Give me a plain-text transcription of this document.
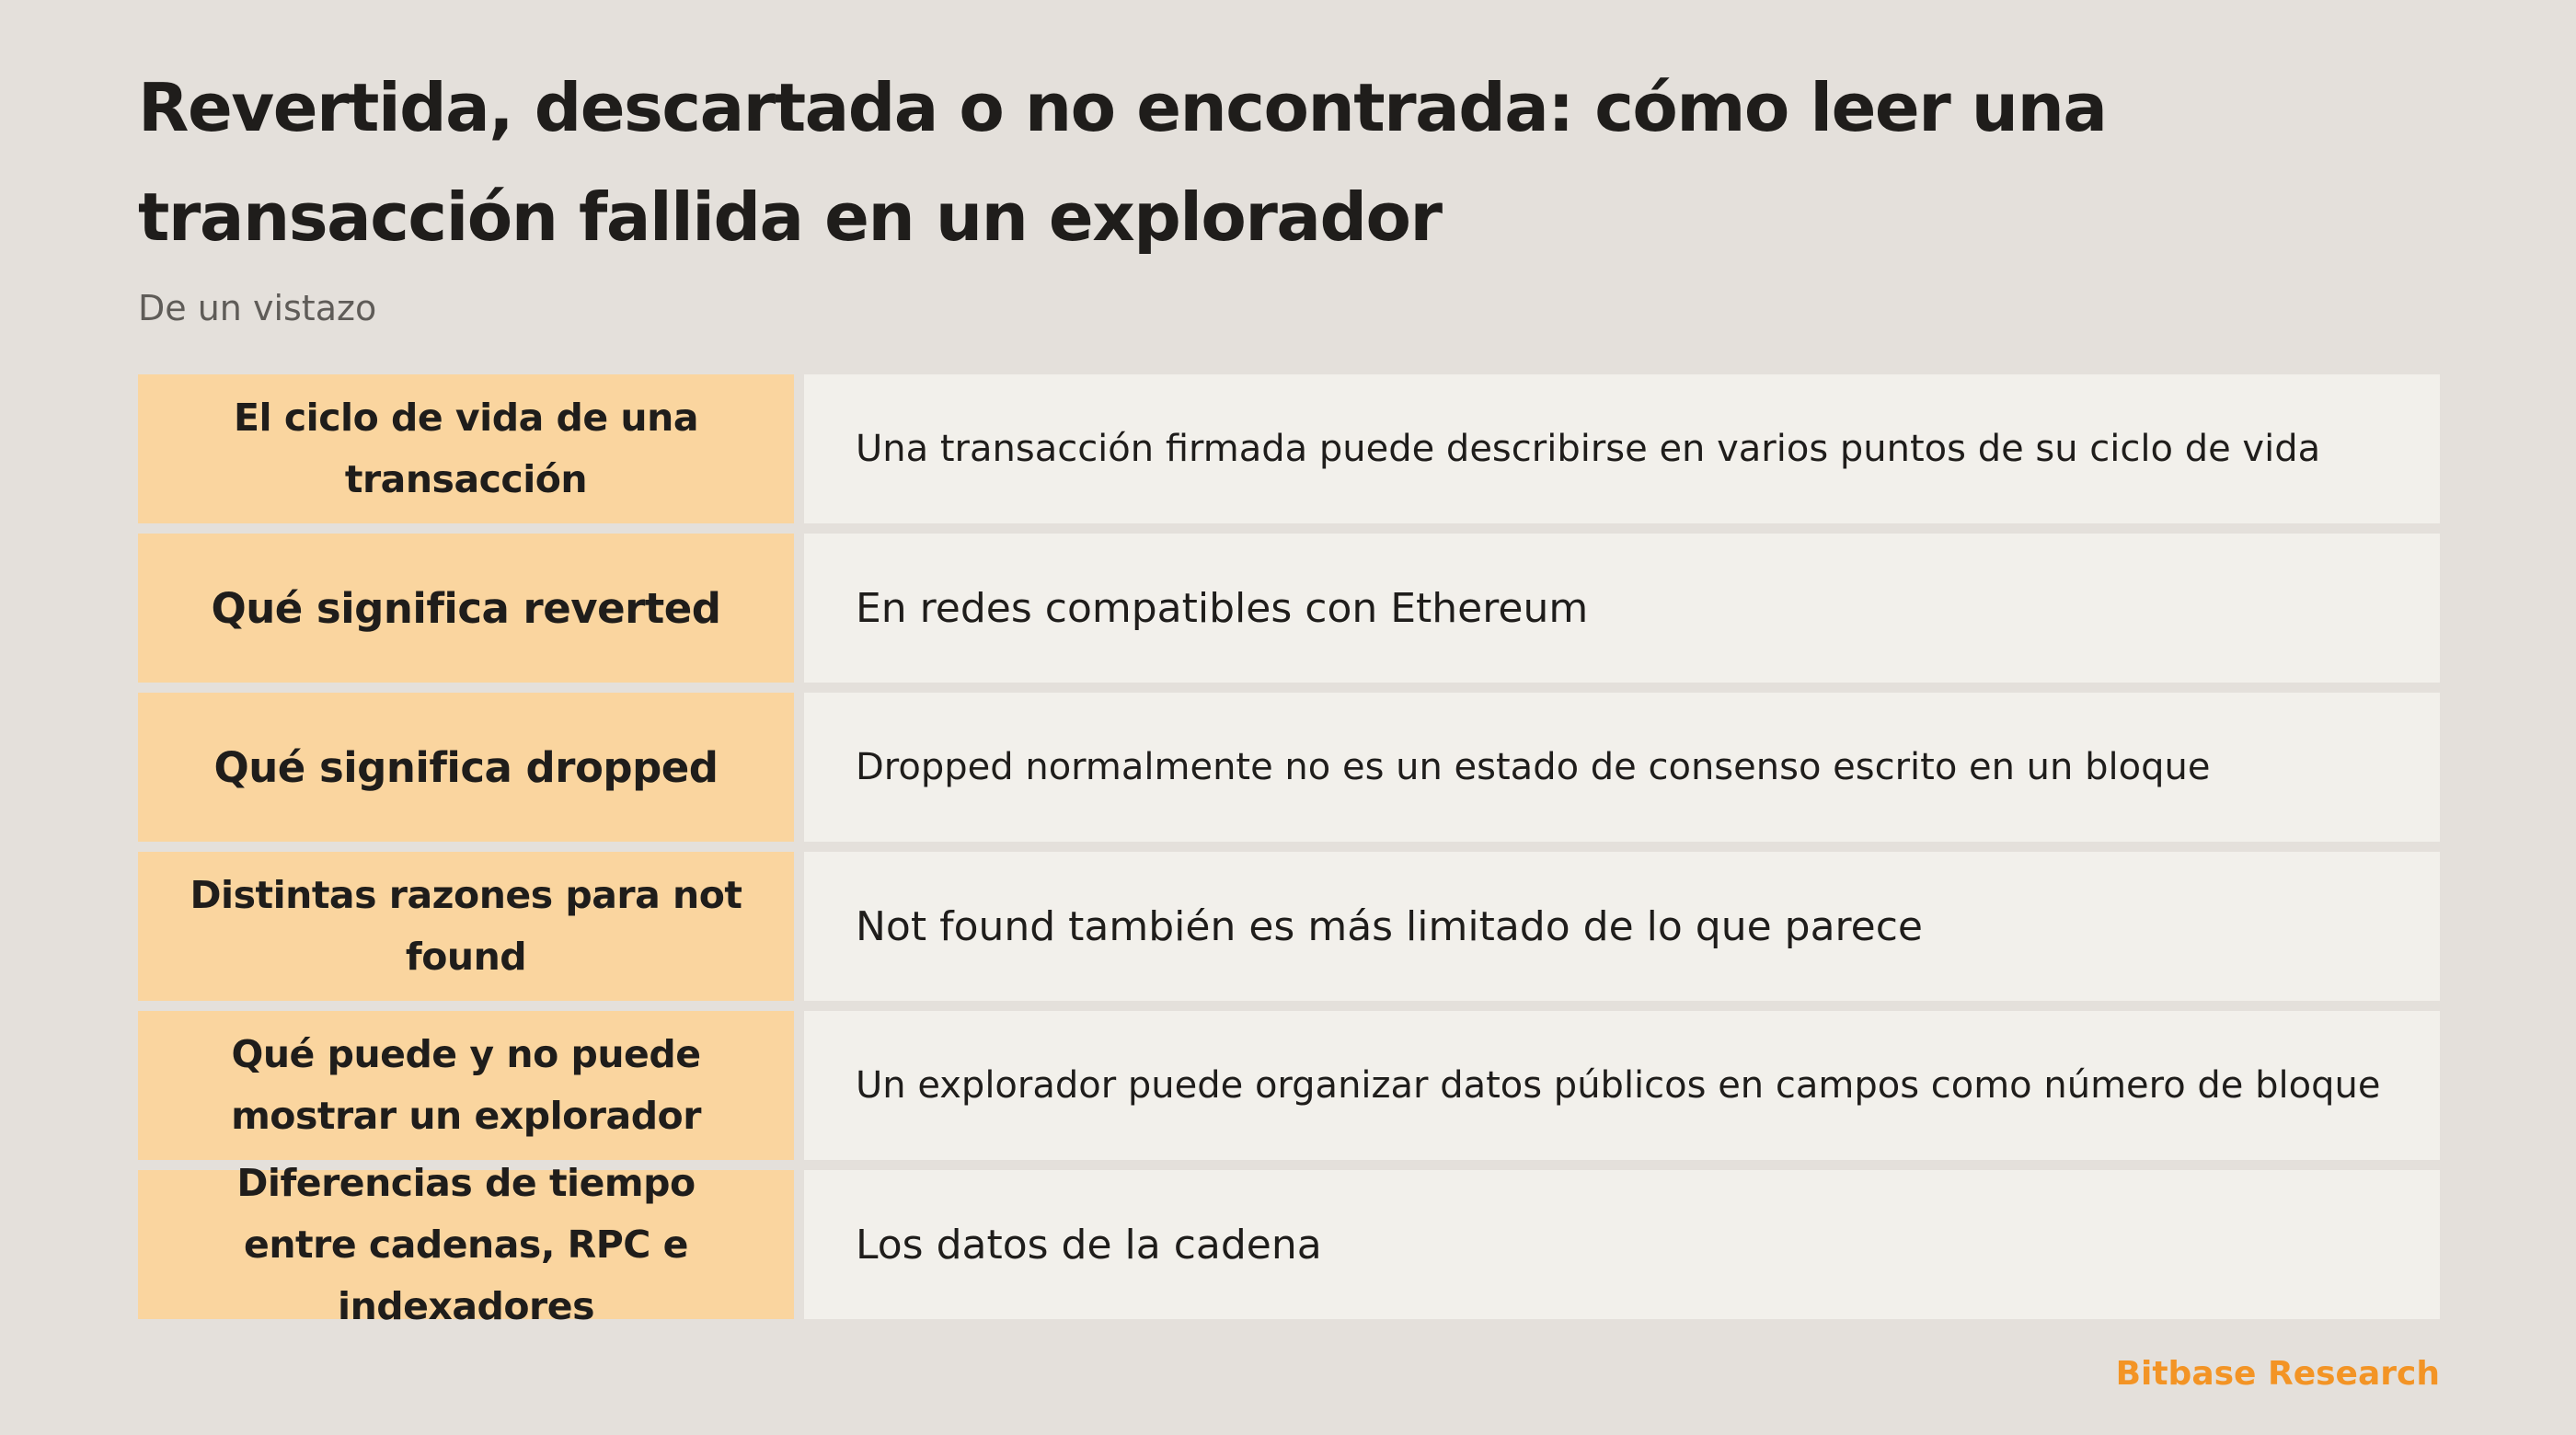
Revertida, descartada o no encontrada: cómo leer una transacción fallida en un explorador
De un vistazo
El ciclo de vida de una transacción
Una transacción firmada puede describirse en varios puntos de su ciclo de vida
Qué significa reverted	En redes compatibles con Ethereum
Qué significa dropped	Dropped normalmente no es un estado de consenso escrito en un bloque
Distintas razones para not found
Not found también es más limitado de lo que parece
Qué puede y no puede mostrar un explorador
Un explorador puede organizar datos públicos en campos como número de bloque
Diferencias de tiempo entre cadenas, RPC e indexadores
Los datos de la cadena
Bitbase Research
